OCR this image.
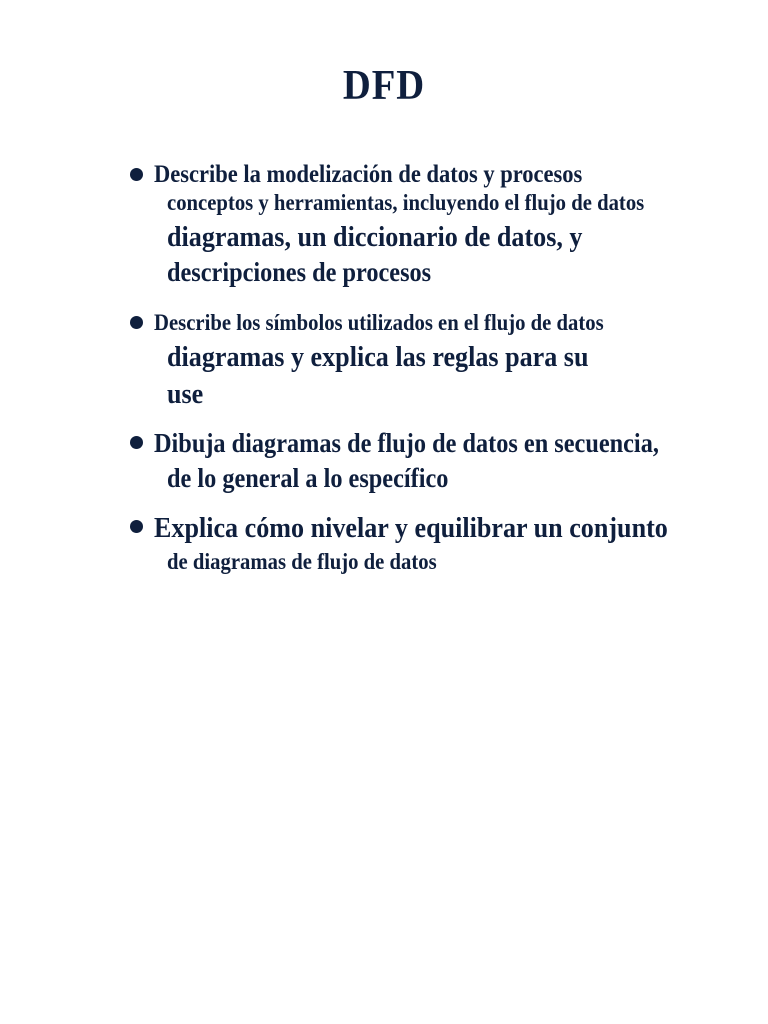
DFD
Describe la modelización de datos y procesos
conceptos y herramientas, incluyendo el flujo de datos
diagramas, un diccionario de datos, y
descripciones de procesos
Describe los símbolos utilizados en el flujo de datos
diagramas y explica las reglas para su
use
Dibuja diagramas de flujo de datos en secuencia,
de lo general a lo específico
Explica cómo nivelar y equilibrar un conjunto
de diagramas de flujo de datos
